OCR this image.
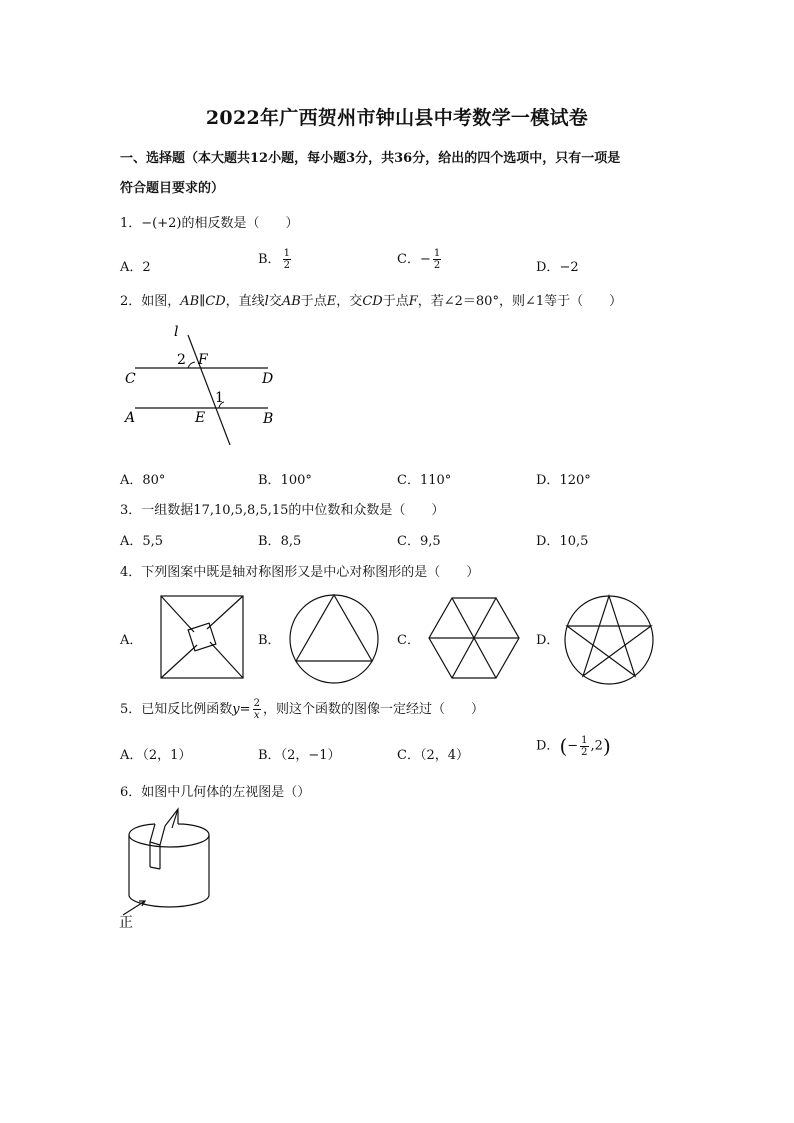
2022年广西贺州市钟山县中考数学一模试卷
一、选择题（本大题共12小题，每小题3分，共36分，给出的四个选项中，只有一项是
符合题目要求的）
1．−(+2)的相反数是（　　）
A．2
B． $\frac{1}{2}$	C．− $\frac{1}{2}$	D．−2
2．如图，AB∥CD，直线l交AB于点E，交CD于点F，若∠2＝80°，则∠1等于（　　）
l
2 F
C	D
1
A	E	B
A．80°	B．100°	C．110°	D．120°
3．一组数据17,10,5,8,5,15的中位数和众数是（　　）
A．5,5	B．8,5	C．9,5	D．10,5
4．下列图案中既是轴对称图形又是中心对称图形的是（　　）
A．	B．	C．	D．
5．已知反比例函数$y= \frac{2}{x}$ ，则这个函数的图像一定经过（　　）
A．（2，1）	B．（2，−1）	C．（2，4）
D．(− $\frac{1}{2} ,2$)
6．如图中几何体的左视图是（）
正
